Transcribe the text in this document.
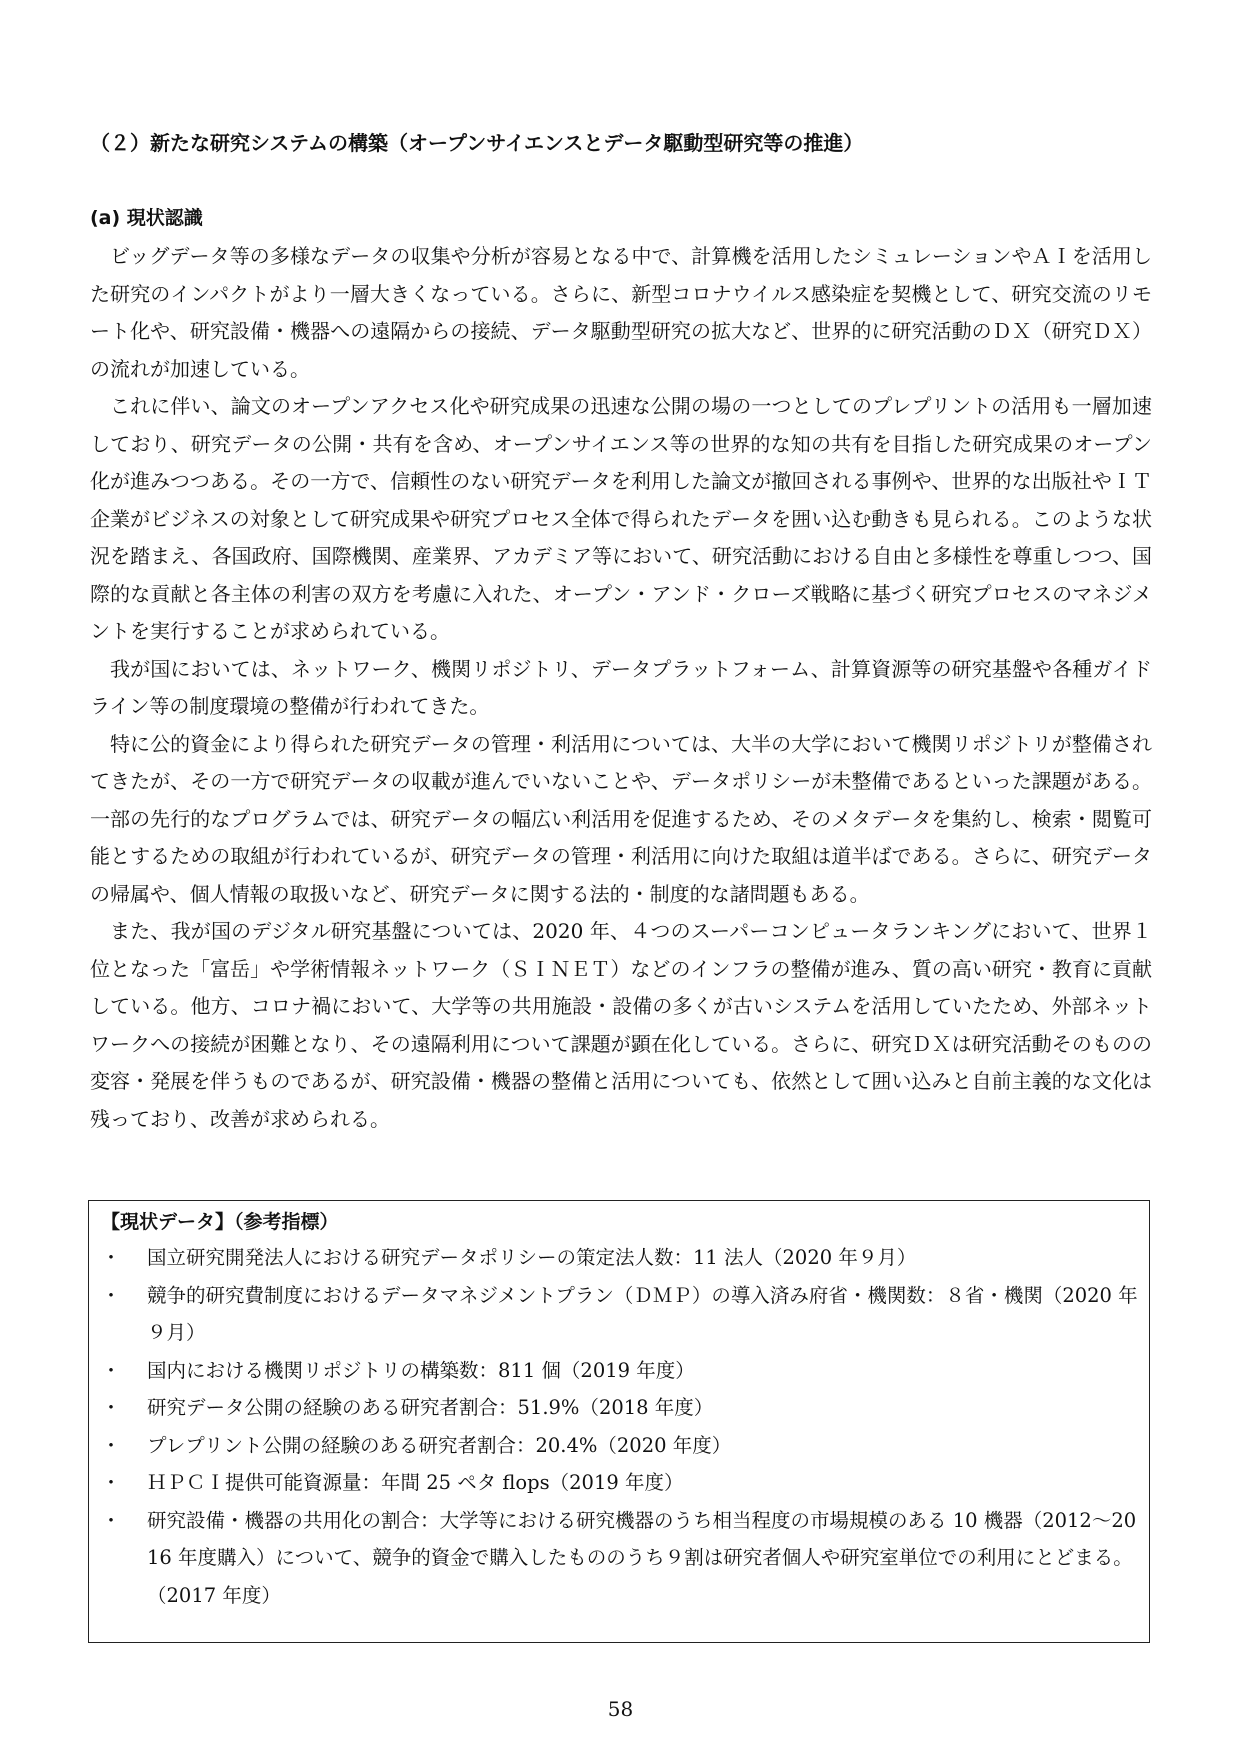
（２）新たな研究システムの構築（オープンサイエンスとデータ駆動型研究等の推進）
(a) 現状認識

ビッグデータ等の多様なデータの収集や分析が容易となる中で、計算機を活用したシミュレーションやＡＩを活用した研究のインパクトがより一層大きくなっている。さらに、新型コロナウイルス感染症を契機として、研究交流のリモート化や、研究設備・機器への遠隔からの接続、データ駆動型研究の拡大など、世界的に研究活動のＤＸ（研究ＤＸ）の流れが加速している。

これに伴い、論文のオープンアクセス化や研究成果の迅速な公開の場の一つとしてのプレプリントの活用も一層加速しており、研究データの公開・共有を含め、オープンサイエンス等の世界的な知の共有を目指した研究成果のオープン化が進みつつある。その一方で、信頼性のない研究データを利用した論文が撤回される事例や、世界的な出版社やＩＴ企業がビジネスの対象として研究成果や研究プロセス全体で得られたデータを囲い込む動きも見られる。このような状況を踏まえ、各国政府、国際機関、産業界、アカデミア等において、研究活動における自由と多様性を尊重しつつ、国際的な貢献と各主体の利害の双方を考慮に入れた、オープン・アンド・クローズ戦略に基づく研究プロセスのマネジメントを実行することが求められている。

我が国においては、ネットワーク、機関リポジトリ、データプラットフォーム、計算資源等の研究基盤や各種ガイドライン等の制度環境の整備が行われてきた。

特に公的資金により得られた研究データの管理・利活用については、大半の大学において機関リポジトリが整備されてきたが、その一方で研究データの収載が進んでいないことや、データポリシーが未整備であるといった課題がある。一部の先行的なプログラムでは、研究データの幅広い利活用を促進するため、そのメタデータを集約し、検索・閲覧可能とするための取組が行われているが、研究データの管理・利活用に向けた取組は道半ばである。さらに、研究データの帰属や、個人情報の取扱いなど、研究データに関する法的・制度的な諸問題もある。

また、我が国のデジタル研究基盤については、2020 年、４つのスーパーコンピュータランキングにおいて、世界１位となった「富岳」や学術情報ネットワーク（ＳＩＮＥＴ）などのインフラの整備が進み、質の高い研究・教育に貢献している。他方、コロナ禍において、大学等の共用施設・設備の多くが古いシステムを活用していたため、外部ネットワークへの接続が困難となり、その遠隔利用について課題が顕在化している。さらに、研究ＤＸは研究活動そのものの変容・発展を伴うものであるが、研究設備・機器の整備と活用についても、依然として囲い込みと自前主義的な文化は残っており、改善が求められる。

【現状データ】（参考指標）

・ 国立研究開発法人における研究データポリシーの策定法人数：11 法人（2020 年９月）
・ 競争的研究費制度におけるデータマネジメントプラン（ＤＭＰ）の導入済み府省・機関数：８省・機関（2020 年９月）
・ 国内における機関リポジトリの構築数：811 個（2019 年度）
・ 研究データ公開の経験のある研究者割合：51.9%（2018 年度）
・ プレプリント公開の経験のある研究者割合：20.4%（2020 年度）
・ ＨＰＣＩ提供可能資源量：年間 25 ペタ flops（2019 年度）
・ 研究設備・機器の共用化の割合：大学等における研究機器のうち相当程度の市場規模のある 10 機器（2012～2016 年度購入）について、競争的資金で購入したもののうち９割は研究者個人や研究室単位での利用にとどまる。（2017 年度）
58
